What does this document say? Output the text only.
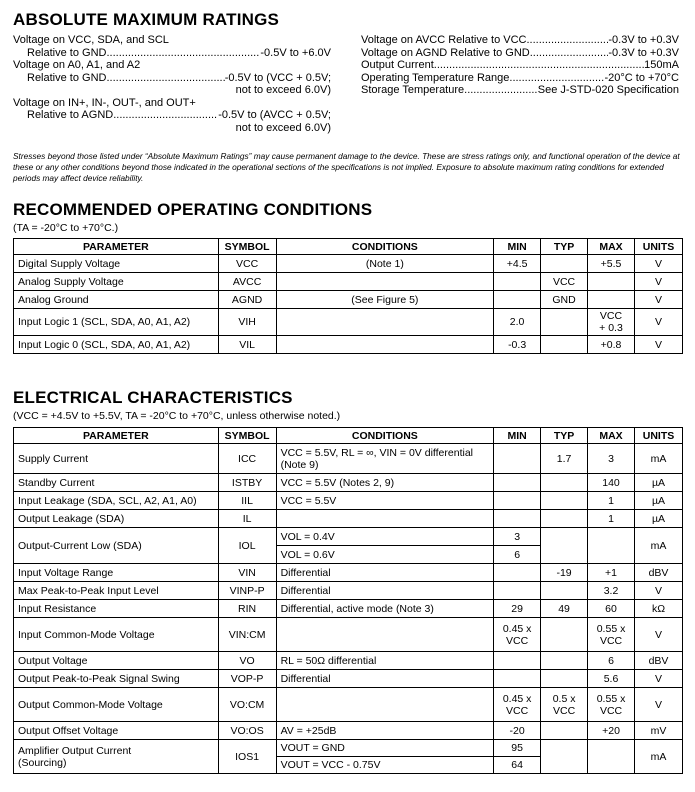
ABSOLUTE MAXIMUM RATINGS
Voltage on VCC, SDA, and SCL
Relative to GND .....	-0.5V to +6.0V
Voltage on A0, A1, and A2
Relative to GND .....	-0.5V to (VCC + 0.5V;
not to exceed 6.0V)
Voltage on IN+, IN-, OUT-, and OUT+
Relative to AGND .....	-0.5V to (AVCC + 0.5V;
not to exceed 6.0V)
Voltage on AVCC Relative to VCC .....	-0.3V to +0.3V
Voltage on AGND Relative to GND .....	-0.3V to +0.3V
Output Current .....	150mA
Operating Temperature Range .....	-20°C to +70°C
Storage Temperature .....	See J-STD-020 Specification
Stresses beyond those listed under “Absolute Maximum Ratings” may cause permanent damage to the device. These are stress ratings only, and functional operation of the device at these or any other conditions beyond those indicated in the operational sections of the specifications is not implied. Exposure to absolute maximum rating conditions for extended periods may affect device reliability.
RECOMMENDED OPERATING CONDITIONS
(TA = -20°C to +70°C.)
PARAMETER	SYMBOL	CONDITIONS	MIN	TYP	MAX	UNITS

Digital Supply Voltage	VCC	(Note 1)	+4.5		+5.5	V

Analog Supply Voltage	AVCC			VCC		V

Analog Ground	AGND	(See Figure 5)		GND		V

Input Logic 1 (SCL, SDA, A0, A1, A2)	VIH		2.0		VCC
+ 0.3	V

Input Logic 0 (SCL, SDA, A0, A1, A2)	VIL		-0.3		+0.8	V
ELECTRICAL CHARACTERISTICS
(VCC = +4.5V to +5.5V, TA = -20°C to +70°C, unless otherwise noted.)
PARAMETER	SYMBOL	CONDITIONS	MIN	TYP	MAX	UNITS

Supply Current	ICC	VCC = 5.5V, RL = ∞, VIN = 0V differential
(Note 9)		1.7	3	mA

Standby Current	ISTBY	VCC = 5.5V (Notes 2, 9)			140	µA

Input Leakage (SDA, SCL, A2, A1, A0)	IIL	VCC = 5.5V			1	µA

Output Leakage (SDA)	IL				1	µA

Output-Current Low (SDA)	IOL	VOL = 0.4V	3			mA

		VOL = 0.6V	6			

Input Voltage Range	VIN	Differential		-19	+1	dBV

Max Peak-to-Peak Input Level	VINP-P	Differential			3.2	V

Input Resistance	RIN	Differential, active mode (Note 3)	29	49	60	kΩ

Input Common-Mode Voltage	VIN:CM		0.45 x
VCC		0.55 x
VCC	V

Output Voltage	VO	RL = 50Ω differential			6	dBV

Output Peak-to-Peak Signal Swing	VOP-P	Differential			5.6	V

Output Common-Mode Voltage	VO:CM		0.45 x
VCC	0.5 x
VCC	0.55 x
VCC	V

Output Offset Voltage	VO:OS	AV = +25dB	-20		+20	mV

Amplifier Output Current
(Sourcing)	IOS1	VOUT = GND	95			mA

		VOUT = VCC - 0.75V	64			
